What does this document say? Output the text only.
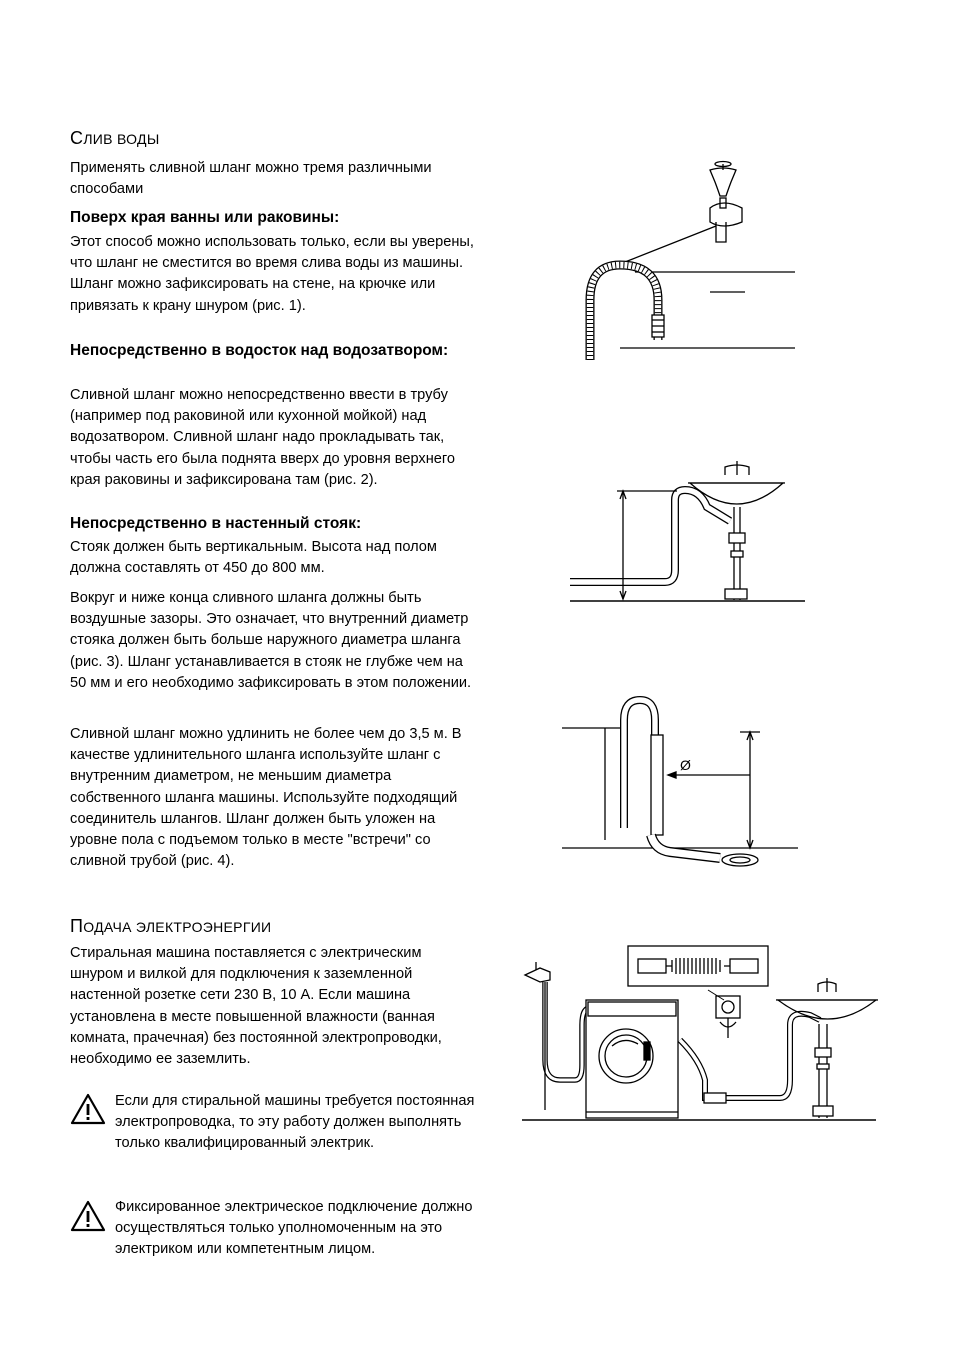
СЛИВ ВОДЫ

Применять сливной шланг можно тремя различными способами

Поверх края ванны или раковины:

Этот способ можно использовать только, если вы уверены, что шланг не сместится во время слива воды из машины. Шланг можно зафиксировать на стене, на крючке или привязать к крану шнуром (рис. 1).

Непосредственно в водосток над водозатвором:

Сливной шланг можно непосредственно ввести в трубу (например под раковиной или кухонной мойкой) над водозатвором. Сливной шланг надо прокладывать так, чтобы часть его была поднята вверх до уровня верхнего края раковины и зафиксирована там (рис. 2).

Непосредственно в настенный стояк:

Стояк должен быть вертикальным. Высота над полом должна составлять от 450 до 800 мм.

Вокруг и ниже конца сливного шланга должны быть воздушные зазоры. Это означает, что внутренний диаметр стояка должен быть больше наружного диаметра шланга (рис. 3). Шланг устанавливается в стояк не глубже чем на 50 мм и его необходимо зафиксировать в этом положении.

Сливной шланг можно удлинить не более чем до 3,5 м. В качестве удлинительного шланга используйте шланг с внутренним диаметром, не меньшим диаметра собственного шланга машины. Используйте подходящий соединитель шлангов. Шланг должен быть уложен на уровне пола с подъемом только в месте "встречи" со сливной трубой (рис. 4).

ПОДАЧА ЭЛЕКТРОЭНЕРГИИ

Стиральная машина поставляется с электрическим шнуром и вилкой для подключения к заземленной настенной розетке сети 230 В, 10 А. Если машина установлена в месте повышенной влажности (ванная комната, прачечная) без постоянной электропроводки, необходимо ее заземлить.

Если для стиральной машины требуется постоянная электропроводка, то эту работу должен выполнять только квалифицированный электрик.

Фиксированное электрическое подключение должно осуществляться только уполномоченным на это электриком или компетентным лицом.

Ø
